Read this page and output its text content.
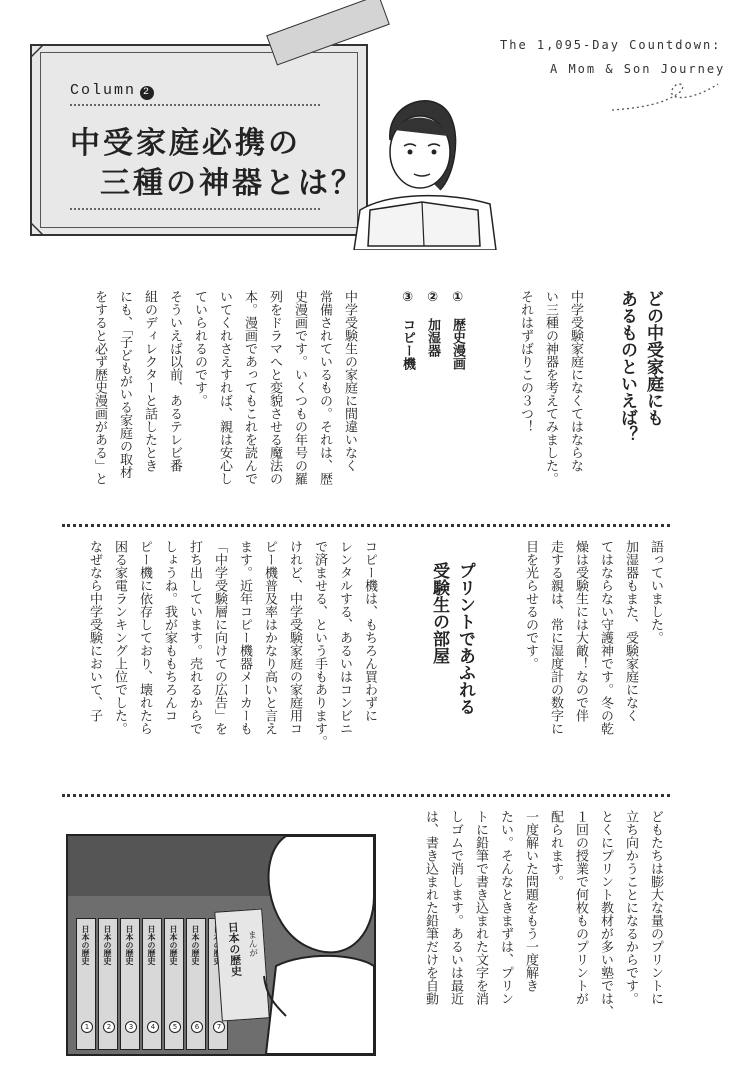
The 1,095-Day Countdown:
A Mom & Son Journey
Column 2
中受家庭必携の
三種の神器とは？
どの中受家庭にも
あるものといえば？
中学受験家庭になくてはならな
い三種の神器を考えてみました。
それはずばりこの３つ！
①　歴史漫画
②　加湿器
③　コピー機
中学受験生の家庭に間違いなく
常備されているもの。それは、歴
史漫画です。いくつもの年号の羅
列をドラマへと変貌させる魔法の
本。漫画であってもこれを読んで
いてくれさえすれば、親は安心し
ていられるのです。
そういえば以前、あるテレビ番
組のディレクターと話したとき
にも、「子どもがいる家庭の取材
をすると必ず歴史漫画がある」と
語っていました。
加湿器もまた、受験家庭になく
てはならない守護神です。冬の乾
燥は受験生には大敵！なので伴
走する親は、常に湿度計の数字に
目を光らせるのです。
プリントであふれる
受験生の部屋
コピー機は、もちろん買わずに
レンタルする、あるいはコンビニ
で済ませる、という手もあります。
けれど、中学受験家庭の家庭用コ
ピー機普及率はかなり高いと言え
ます。近年コピー機器メーカーも
「中学受験層に向けての広告」を
打ち出しています。売れるからで
しょうね。我が家ももちろんコ
ピー機に依存しており、壊れたら
困る家電ランキング上位でした。
なぜなら中学受験において、子
どもたちは膨大な量のプリントに
立ち向かうことになるからです。
とくにプリント教材が多い塾では、
１回の授業で何枚ものプリントが
配られます。
一度解いた問題をもう一度解き
たい。そんなときまずは、プリン
トに鉛筆で書き込まれた文字を消
しゴムで消します。あるいは最近
は、書き込まれた鉛筆だけを自動
日本の歴史
1
日本の歴史
2
日本の歴史
3
日本の歴史
4
日本の歴史
5
日本の歴史
6	7
日本の歴史 まんが
